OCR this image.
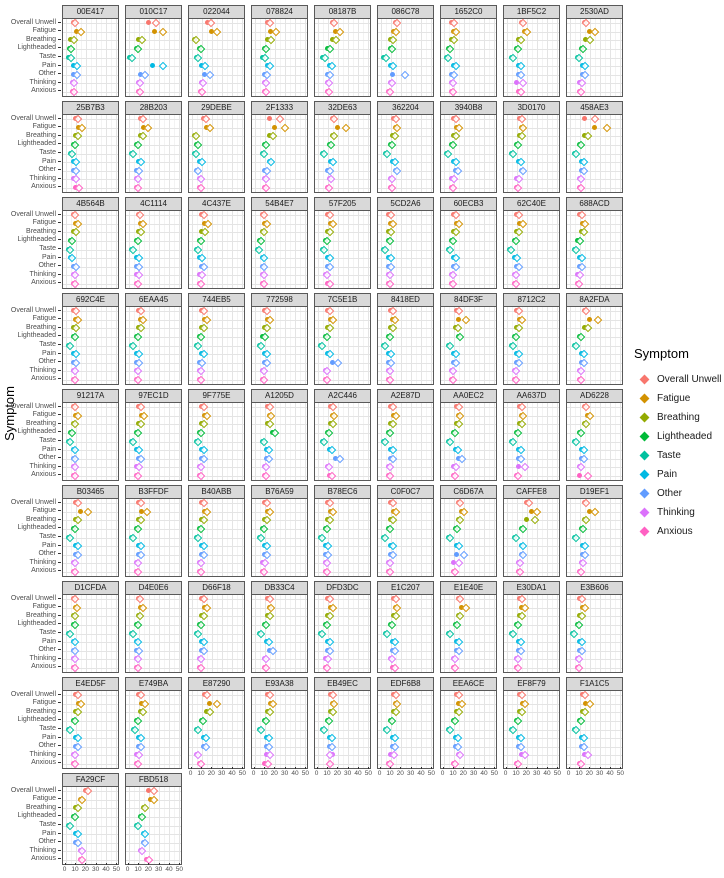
Symptom
00E417
Overall Unwell
Fatigue
Breathing
Lightheaded
Taste
Pain
Other
Thinking
Anxious
010C17	022044	078824	08187B	086C78	1652C0	1BF5C2	2530AD
25B7B3
Overall Unwell
Fatigue
Breathing
Lightheaded
Taste
Pain
Other
Thinking
Anxious
28B203	29DEBE	2F1333	32DE63	362204	3940B8	3D0170	458AE3
4B564B
Overall Unwell
Fatigue
Breathing
Lightheaded
Taste
Pain
Other
Thinking
Anxious
4C1114	4C437E	54B4E7	57F205	5CD2A6	60ECB3	62C40E	688ACD
692C4E
Overall Unwell
Fatigue
Breathing
Lightheaded
Taste
Pain
Other
Thinking
Anxious
6EAA45	744EB5	772598	7C5E1B	8418ED	84DF3F	8712C2	8A2FDA
91217A
Overall Unwell
Fatigue
Breathing
Lightheaded
Taste
Pain
Other
Thinking
Anxious
97EC1D	9F775E	A1205D	A2C446	A2E87D	AA0EC2	AA637D	AD6228
B03465
Overall Unwell
Fatigue
Breathing
Lightheaded
Taste
Pain
Other
Thinking
Anxious
B3FFDF	B40ABB	B76A59	B78EC6	C0F0C7	C6D67A	CAFFE8	D19EF1
D1CFDA
Overall Unwell
Fatigue
Breathing
Lightheaded
Taste
Pain
Other
Thinking
Anxious
D4E0E6	D66F18	DB33C4	DFD3DC	E1C207	E1E40E	E30DA1	E3B606
E4ED5F
Overall Unwell
Fatigue
Breathing
Lightheaded
Taste
Pain
Other
Thinking
Anxious
E749BA	E87290
0 10 20 30 40 50
E93A38
0 10 20 30 40 50
EB49EC
0 10 20 30 40 50
EDF6B8
0 10 20 30 40 50
EEA6CE
0 10 20 30 40 50
EF8F79
0 10 20 30 40 50
F1A1C5
0 10 20 30 40 50
FA29CF
0 10 20 30 40 50
Overall Unwell
Fatigue
Breathing
Lightheaded
Taste
Pain
Other
Thinking
Anxious
FBD518
0 10 20 30 40 50
Symptom
Overall Unwell
Fatigue
Breathing
Lightheaded
Taste
Pain
Other
Thinking
Anxious
